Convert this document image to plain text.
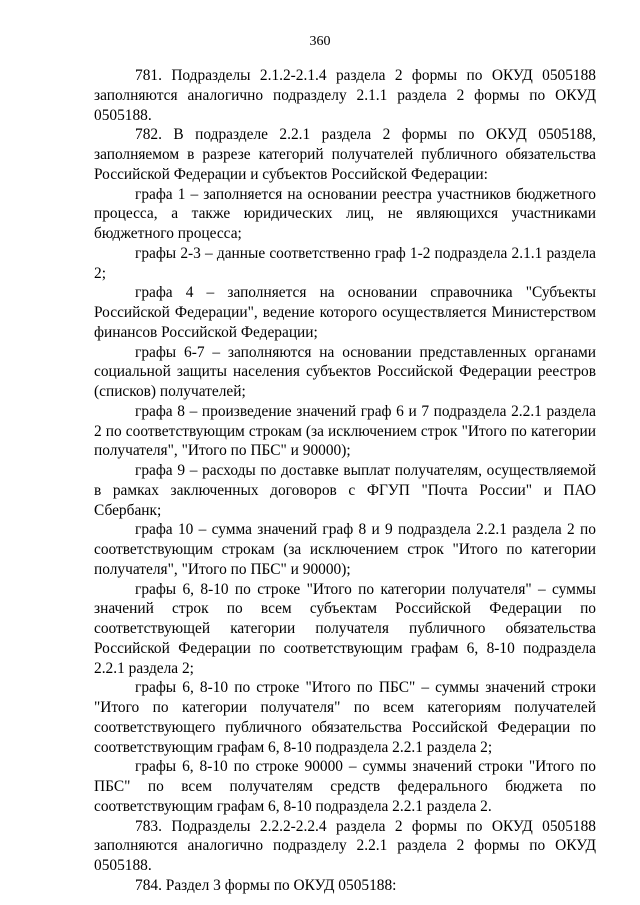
360

781. Подразделы 2.1.2-2.1.4 раздела 2 формы по ОКУД 0505188 заполняются аналогично подразделу 2.1.1 раздела 2 формы по ОКУД 0505188.

782. В подразделе 2.2.1 раздела 2 формы по ОКУД 0505188, заполняемом в разрезе категорий получателей публичного обязательства Российской Федерации и субъектов Российской Федерации:

графа 1 – заполняется на основании реестра участников бюджетного процесса, а также юридических лиц, не являющихся участниками бюджетного процесса;

графы 2-3 – данные соответственно граф 1-2 подраздела 2.1.1 раздела 2;

графа 4 – заполняется на основании справочника "Субъекты Российской Федерации", ведение которого осуществляется Министерством финансов Российской Федерации;

графы 6-7 – заполняются на основании представленных органами социальной защиты населения субъектов Российской Федерации реестров (списков) получателей;

графа 8 – произведение значений граф 6 и 7 подраздела 2.2.1 раздела 2 по соответствующим строкам (за исключением строк "Итого по категории получателя", "Итого по ПБС" и 90000);

графа 9 – расходы по доставке выплат получателям, осуществляемой в рамках заключенных договоров с ФГУП "Почта России" и ПАО Сбербанк;

графа 10 – сумма значений граф 8 и 9 подраздела 2.2.1 раздела 2 по соответствующим строкам (за исключением строк "Итого по категории получателя", "Итого по ПБС" и 90000);

графы 6, 8-10 по строке "Итого по категории получателя" – суммы значений строк по всем субъектам Российской Федерации по соответствующей категории получателя публичного обязательства Российской Федерации по соответствующим графам 6, 8-10 подраздела 2.2.1 раздела 2;

графы 6, 8-10 по строке "Итого по ПБС" – суммы значений строки "Итого по категории получателя" по всем категориям получателей соответствующего публичного обязательства Российской Федерации по соответствующим графам 6, 8-10 подраздела 2.2.1 раздела 2;

графы 6, 8-10 по строке 90000 – суммы значений строки "Итого по ПБС" по всем получателям средств федерального бюджета по соответствующим графам 6, 8-10 подраздела 2.2.1 раздела 2.

783. Подразделы 2.2.2-2.2.4 раздела 2 формы по ОКУД 0505188 заполняются аналогично подразделу 2.2.1 раздела 2 формы по ОКУД 0505188.

784. Раздел 3 формы по ОКУД 0505188:
